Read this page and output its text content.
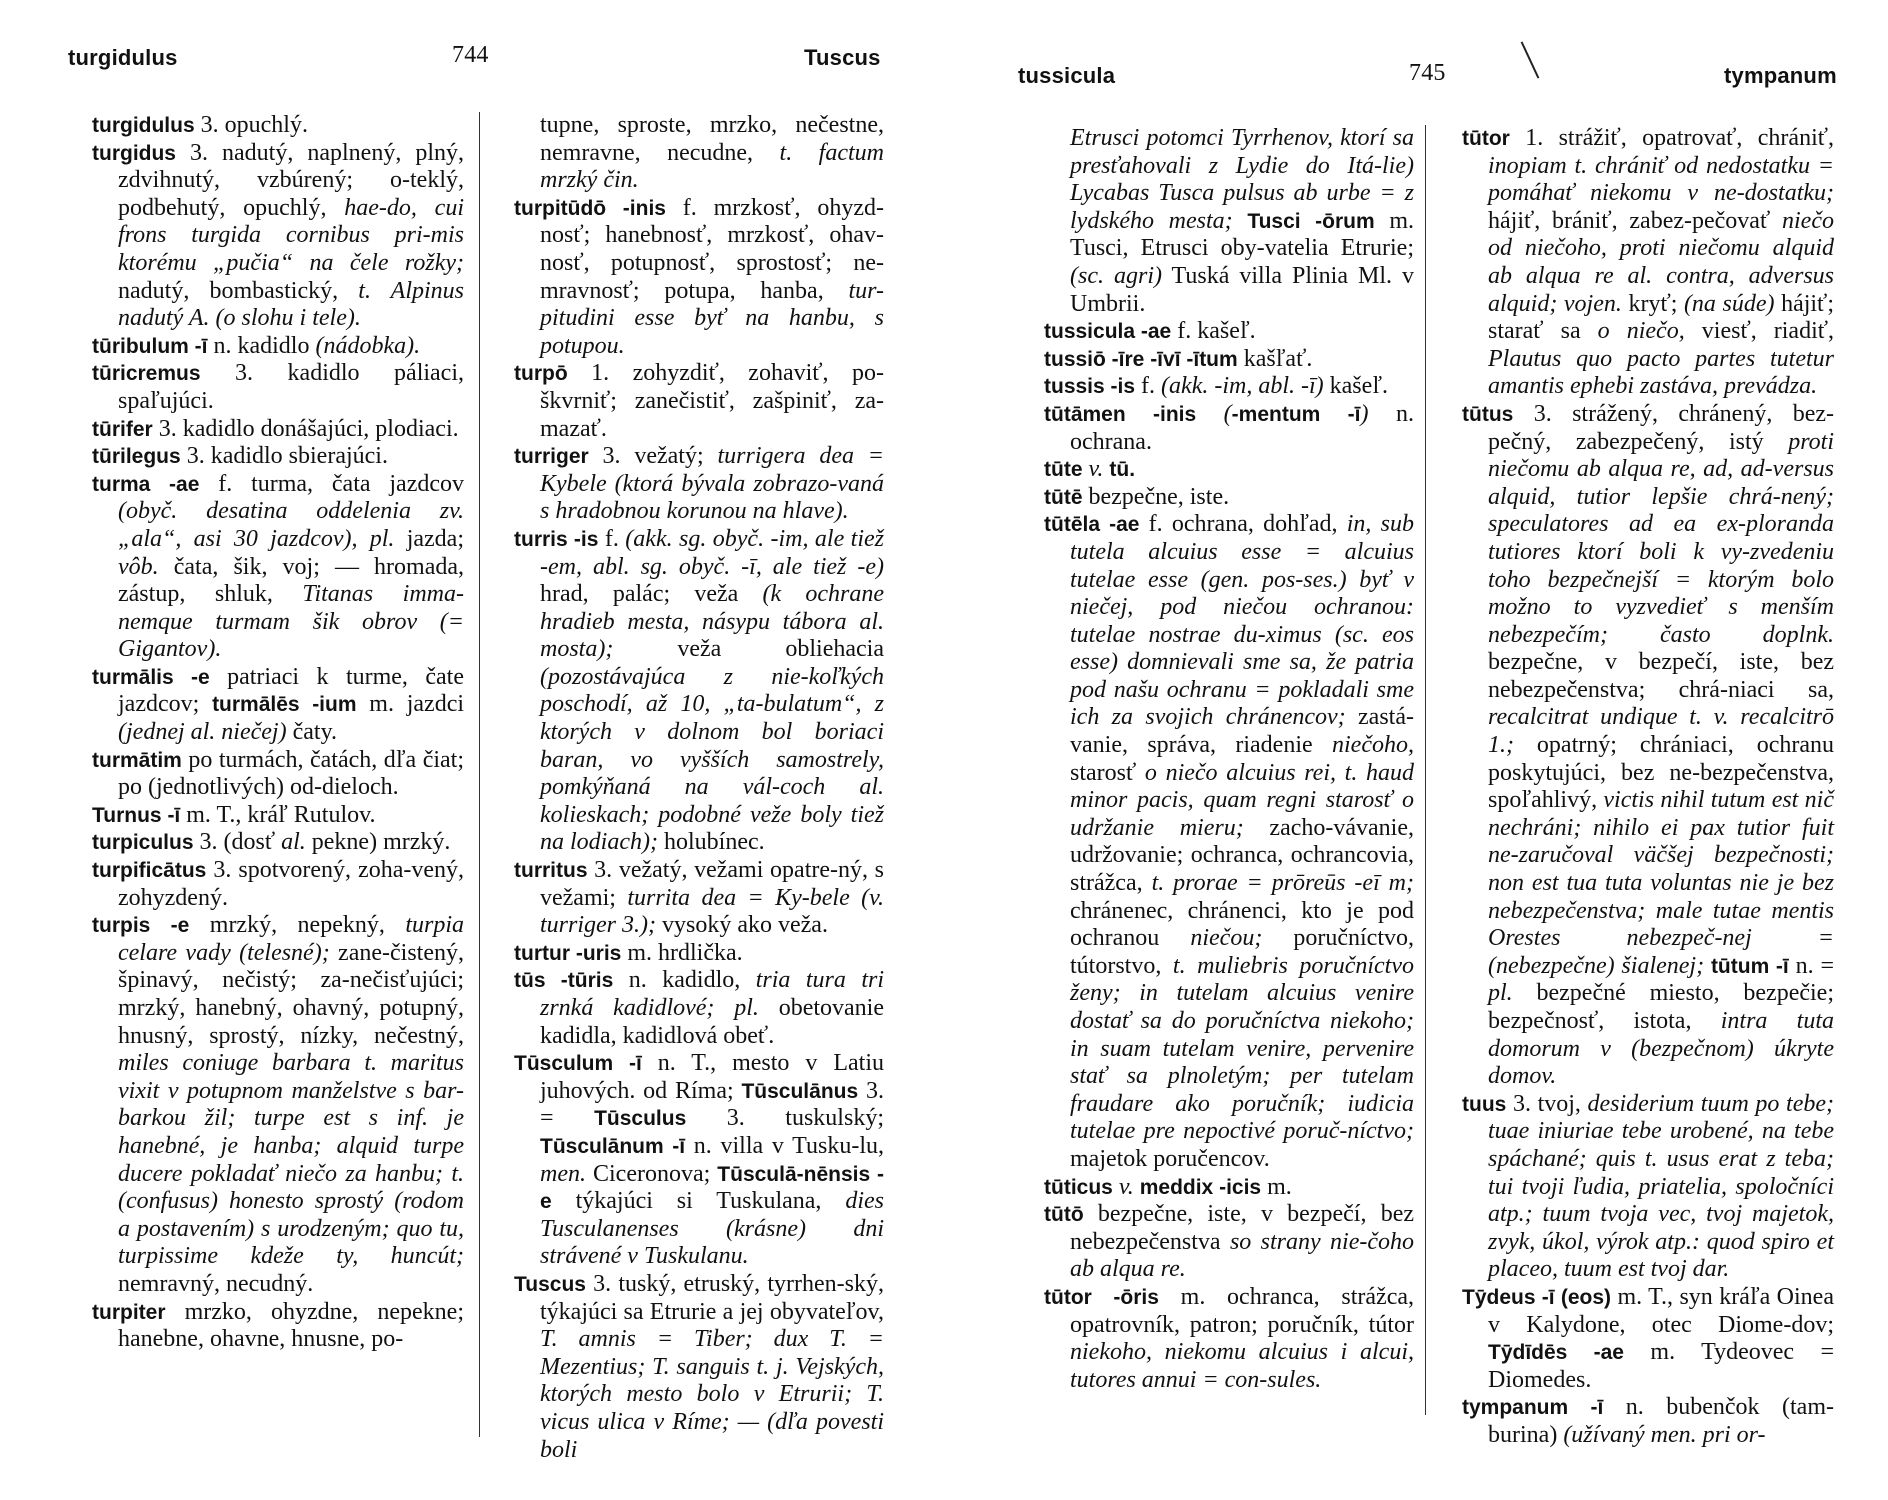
turgidulus	744	Tuscus

turgidulus 3. opuchlý.

turgidus 3. nadutý, naplnený, plný, zdvihnutý, vzbúrený; o-teklý, podbehutý, opuchlý, hae-do, cui frons turgida cornibus pri-mis ktorému „pučia“ na čele rožky; nadutý, bombastický, t. Alpinus nadutý A. (o slohu i tele).

tūribulum -ī n. kadidlo (nádobka).

tūricremus 3. kadidlo páliaci, spaľujúci.

tūrifer 3. kadidlo donášajúci, plodiaci.

tūrilegus 3. kadidlo sbierajúci.

turma -ae f. turma, čata jazdcov (obyč. desatina oddelenia zv. „ala“, asi 30 jazdcov), pl. jazda; vôb. čata, šik, voj; — hromada, zástup, shluk, Titanas imma-nemque turmam šik obrov (= Gigantov).

turmālis -e patriaci k turme, čate jazdcov; turmālēs -ium m. jazdci (jednej al. niečej) čaty.

turmātim po turmách, čatách, dľa čiat; po (jednotlivých) od-dieloch.

Turnus -ī m. T., kráľ Rutulov.

turpiculus 3. (dosť al. pekne) mrzký.

turpificātus 3. spotvorený, zoha-vený, zohyzdený.

turpis -e mrzký, nepekný, turpia celare vady (telesné); zane-čistený, špinavý, nečistý; za-nečisťujúci; mrzký, hanebný, ohavný, potupný, hnusný, sprostý, nízky, nečestný, miles coniuge barbara t. maritus vixit v potupnom manželstve s bar-barkou žil; turpe est s inf. je hanebné, je hanba; alquid turpe ducere pokladať niečo za hanbu; t. (confusus) honesto sprostý (rodom a postavením) s urodzeným; quo tu, turpissime kdeže ty, huncút; nemravný, necudný.

turpiter mrzko, ohyzdne, nepekne; hanebne, ohavne, hnusne, po-

tupne, sproste, mrzko, nečestne, nemravne, necudne, t. factum mrzký čin.

turpitūdō -inis f. mrzkosť, ohyzd-nosť; hanebnosť, mrzkosť, ohav-nosť, potupnosť, sprostosť; ne-mravnosť; potupa, hanba, tur-pitudini esse byť na hanbu, s potupou.

turpō 1. zohyzdiť, zohaviť, po-škvrniť; zanečistiť, zašpiniť, za-mazať.

turriger 3. vežatý; turrigera dea = Kybele (ktorá bývala zobrazo-vaná s hradobnou korunou na hlave).

turris -is f. (akk. sg. obyč. -im, ale tiež -em, abl. sg. obyč. -ī, ale tiež -e) hrad, palác; veža (k ochrane hradieb mesta, násypu tábora al. mosta); veža obliehacia (pozostávajúca z nie-koľkých poschodí, až 10, „ta-bulatum“, z ktorých v dolnom bol boriaci baran, vo vyšších samostrely, pomkýňaná na vál-coch al. kolieskach; podobné veže boly tiež na lodiach); holubínec.

turritus 3. vežatý, vežami opatre-ný, s vežami; turrita dea = Ky-bele (v. turriger 3.); vysoký ako veža.

turtur -uris m. hrdlička.

tūs -tūris n. kadidlo, tria tura tri zrnká kadidlové; pl. obetovanie kadidla, kadidlová obeť.

Tūsculum -ī n. T., mesto v Latiu juhových. od Ríma; Tūsculānus 3. = Tūsculus 3. tuskulský; Tūsculānum -ī n. villa v Tusku-lu, men. Ciceronova; Tūsculā-nēnsis -e týkajúci si Tuskulana, dies Tusculanenses (krásne) dni strávené v Tuskulanu.

Tuscus 3. tuský, etruský, tyrrhen-ský, týkajúci sa Etrurie a jej obyvateľov, T. amnis = Tiber; dux T. = Mezentius; T. sanguis t. j. Vejských, ktorých mesto bolo v Etrurii; T. vicus ulica v Ríme; — (dľa povesti boli

tussicula	745	tympanum

Etrusci potomci Tyrrhenov, ktorí sa presťahovali z Lydie do Itá-lie) Lycabas Tusca pulsus ab urbe = z lydského mesta; Tusci -ōrum m. Tusci, Etrusci oby-vatelia Etrurie; (sc. agri) Tuská villa Plinia Ml. v Umbrii.

tussicula -ae f. kašeľ.

tussiō -īre -īvī -ītum kašľať.

tussis -is f. (akk. -im, abl. -ī) kašeľ.

tūtāmen -inis (-mentum -ī) n. ochrana.

tūte v. tū.

tūtē bezpečne, iste.

tūtēla -ae f. ochrana, dohľad, in, sub tutela alcuius esse = alcuius tutelae esse (gen. pos-ses.) byť v niečej, pod niečou ochranou: tutelae nostrae du-ximus (sc. eos esse) domnievali sme sa, že patria pod našu ochranu = pokladali sme ich za svojich chránencov; zastá-vanie, správa, riadenie niečoho, starosť o niečo alcuius rei, t. haud minor pacis, quam regni starosť o udržanie mieru; zacho-vávanie, udržovanie; ochranca, ochrancovia, strážca, t. prorae = prōreūs -eī m; chránenec, chránenci, kto je pod ochranou niečou; poručníctvo, tútorstvo, t. muliebris poručníctvo ženy; in tutelam alcuius venire dostať sa do poručníctva niekoho; in suam tutelam venire, pervenire stať sa plnoletým; per tutelam fraudare ako poručník; iudicia tutelae pre nepoctivé poruč-níctvo; majetok poručencov.

tūticus v. meddix -icis m.

tūtō bezpečne, iste, v bezpečí, bez nebezpečenstva so strany nie-čoho ab alqua re.

tūtor -ōris m. ochranca, strážca, opatrovník, patron; poručník, tútor niekoho, niekomu alcuius i alcui, tutores annui = con-sules.

tūtor 1. strážiť, opatrovať, chrániť, inopiam t. chrániť od nedostatku = pomáhať niekomu v ne-dostatku; hájiť, brániť, zabez-pečovať niečo od niečoho, proti niečomu alquid ab alqua re al. contra, adversus alquid; vojen. kryť; (na súde) hájiť; starať sa o niečo, viesť, riadiť, Plautus quo pacto partes tutetur amantis ephebi zastáva, prevádza.

tūtus 3. strážený, chránený, bez-pečný, zabezpečený, istý proti niečomu ab alqua re, ad, ad-versus alquid, tutior lepšie chrá-nený; speculatores ad ea ex-ploranda tutiores ktorí boli k vy-zvedeniu toho bezpečnejší = ktorým bolo možno to vyzvedieť s menším nebezpečím; často doplnk. bezpečne, v bezpečí, iste, bez nebezpečenstva; chrá-niaci sa, recalcitrat undique t. v. recalcitrō 1.; opatrný; chrániaci, ochranu poskytujúci, bez ne-bezpečenstva, spoľahlivý, victis nihil tutum est nič nechráni; nihilo ei pax tutior fuit ne-zaručoval väčšej bezpečnosti; non est tua tuta voluntas nie je bez nebezpečenstva; male tutae mentis Orestes nebezpeč-nej = (nebezpečne) šialenej; tūtum -ī n. = pl. bezpečné miesto, bezpečie; bezpečnosť, istota, intra tuta domorum v (bezpečnom) úkryte domov.

tuus 3. tvoj, desiderium tuum po tebe; tuae iniuriae tebe urobené, na tebe spáchané; quis t. usus erat z teba; tui tvoji ľudia, priatelia, spoločníci atp.; tuum tvoja vec, tvoj majetok, zvyk, úkol, výrok atp.: quod spiro et placeo, tuum est tvoj dar.

Tȳdeus -ī (eos) m. T., syn kráľa Oinea v Kalydone, otec Diome-dov; Tȳdīdēs -ae m. Tydeovec = Diomedes.

tympanum -ī n. bubenčok (tam-burina) (užívaný men. pri or-
